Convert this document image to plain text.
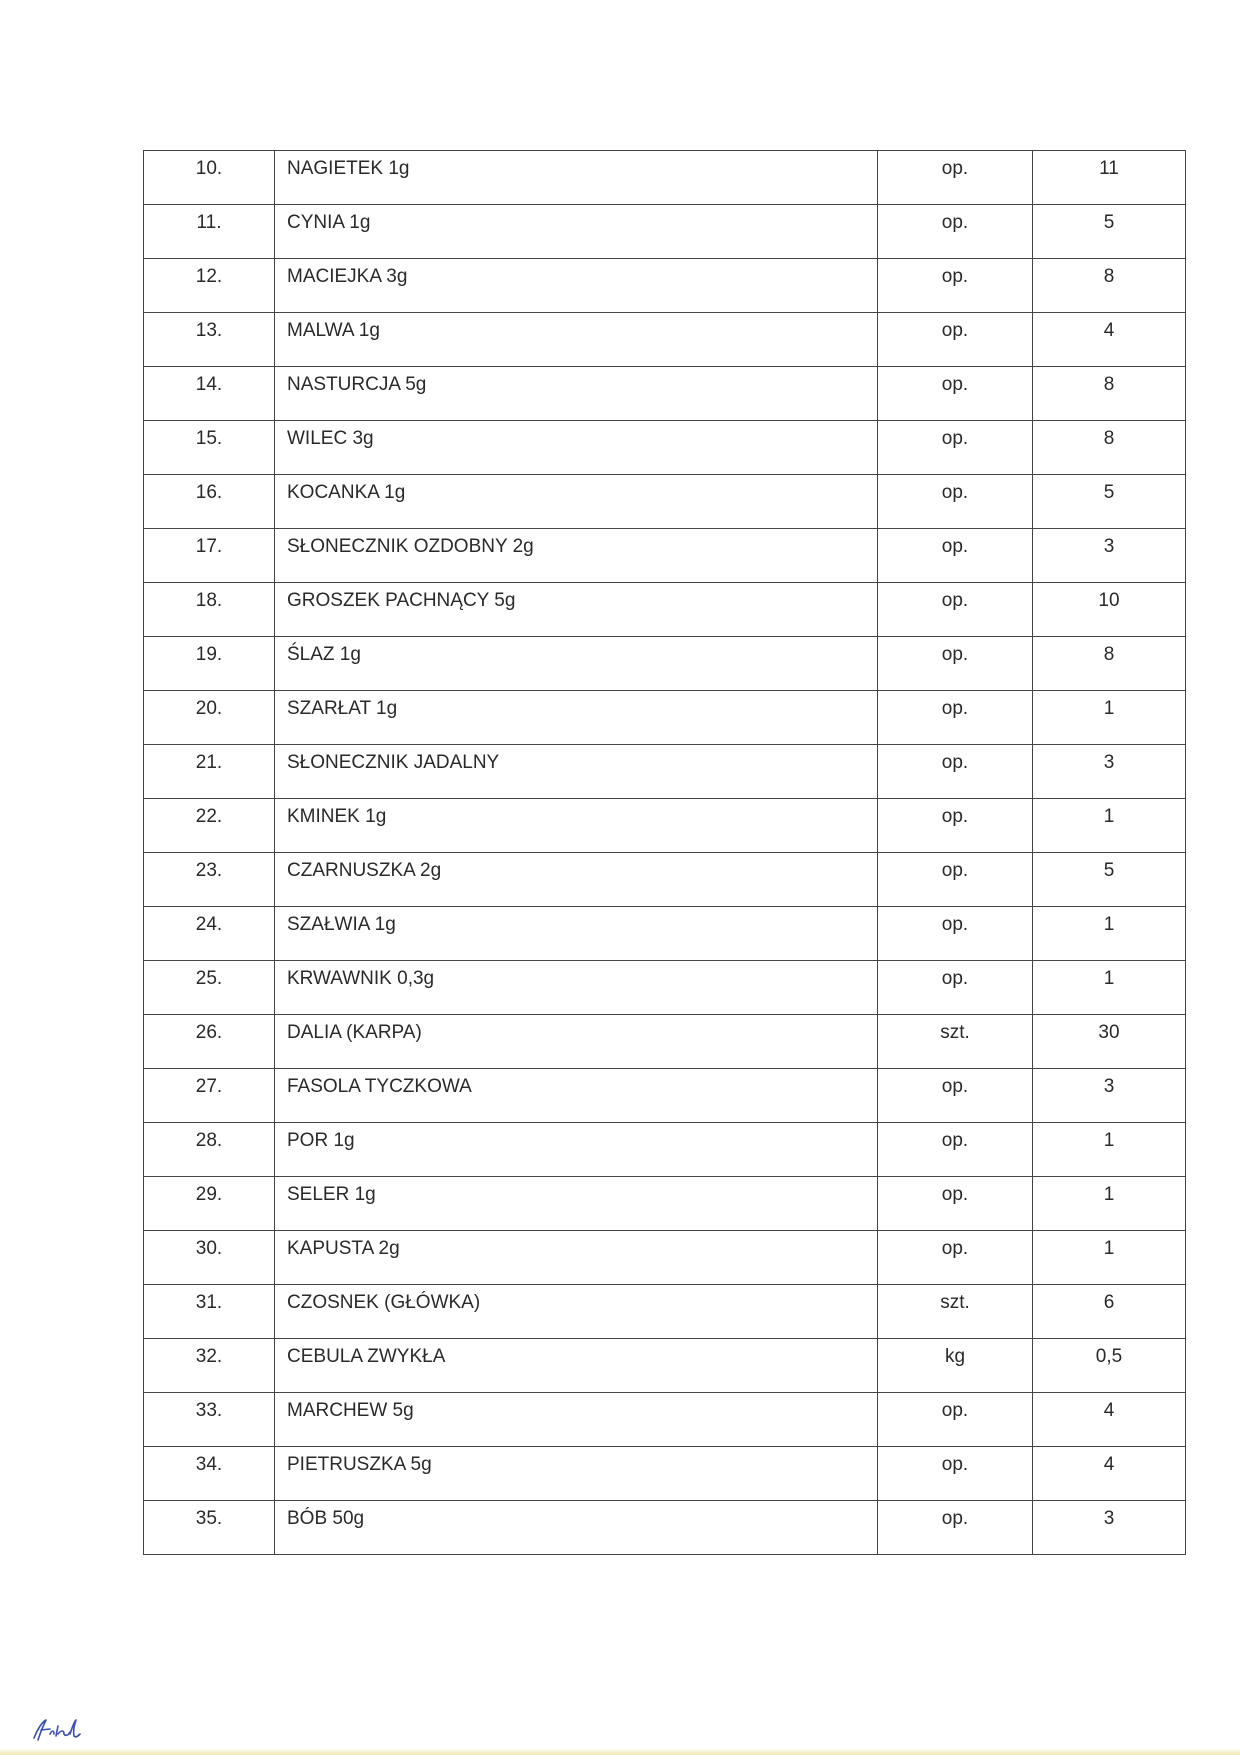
10.	NAGIETEK 1g	op.	11

11.	CYNIA 1g	op.	5

12.	MACIEJKA 3g	op.	8

13.	MALWA 1g	op.	4

14.	NASTURCJA 5g	op.	8

15.	WILEC 3g	op.	8

16.	KOCANKA 1g	op.	5

17.	SŁONECZNIK OZDOBNY 2g	op.	3

18.	GROSZEK PACHNĄCY 5g	op.	10

19.	ŚLAZ 1g	op.	8

20.	SZARŁAT 1g	op.	1

21.	SŁONECZNIK JADALNY	op.	3

22.	KMINEK 1g	op.	1

23.	CZARNUSZKA 2g	op.	5

24.	SZAŁWIA 1g	op.	1

25.	KRWAWNIK 0,3g	op.	1

26.	DALIA (KARPA)	szt.	30

27.	FASOLA TYCZKOWA	op.	3

28.	POR 1g	op.	1

29.	SELER 1g	op.	1

30.	KAPUSTA 2g	op.	1

31.	CZOSNEK (GŁÓWKA)	szt.	6

32.	CEBULA ZWYKŁA	kg	0,5

33.	MARCHEW 5g	op.	4

34.	PIETRUSZKA 5g	op.	4

35.	BÓB 50g	op.	3
